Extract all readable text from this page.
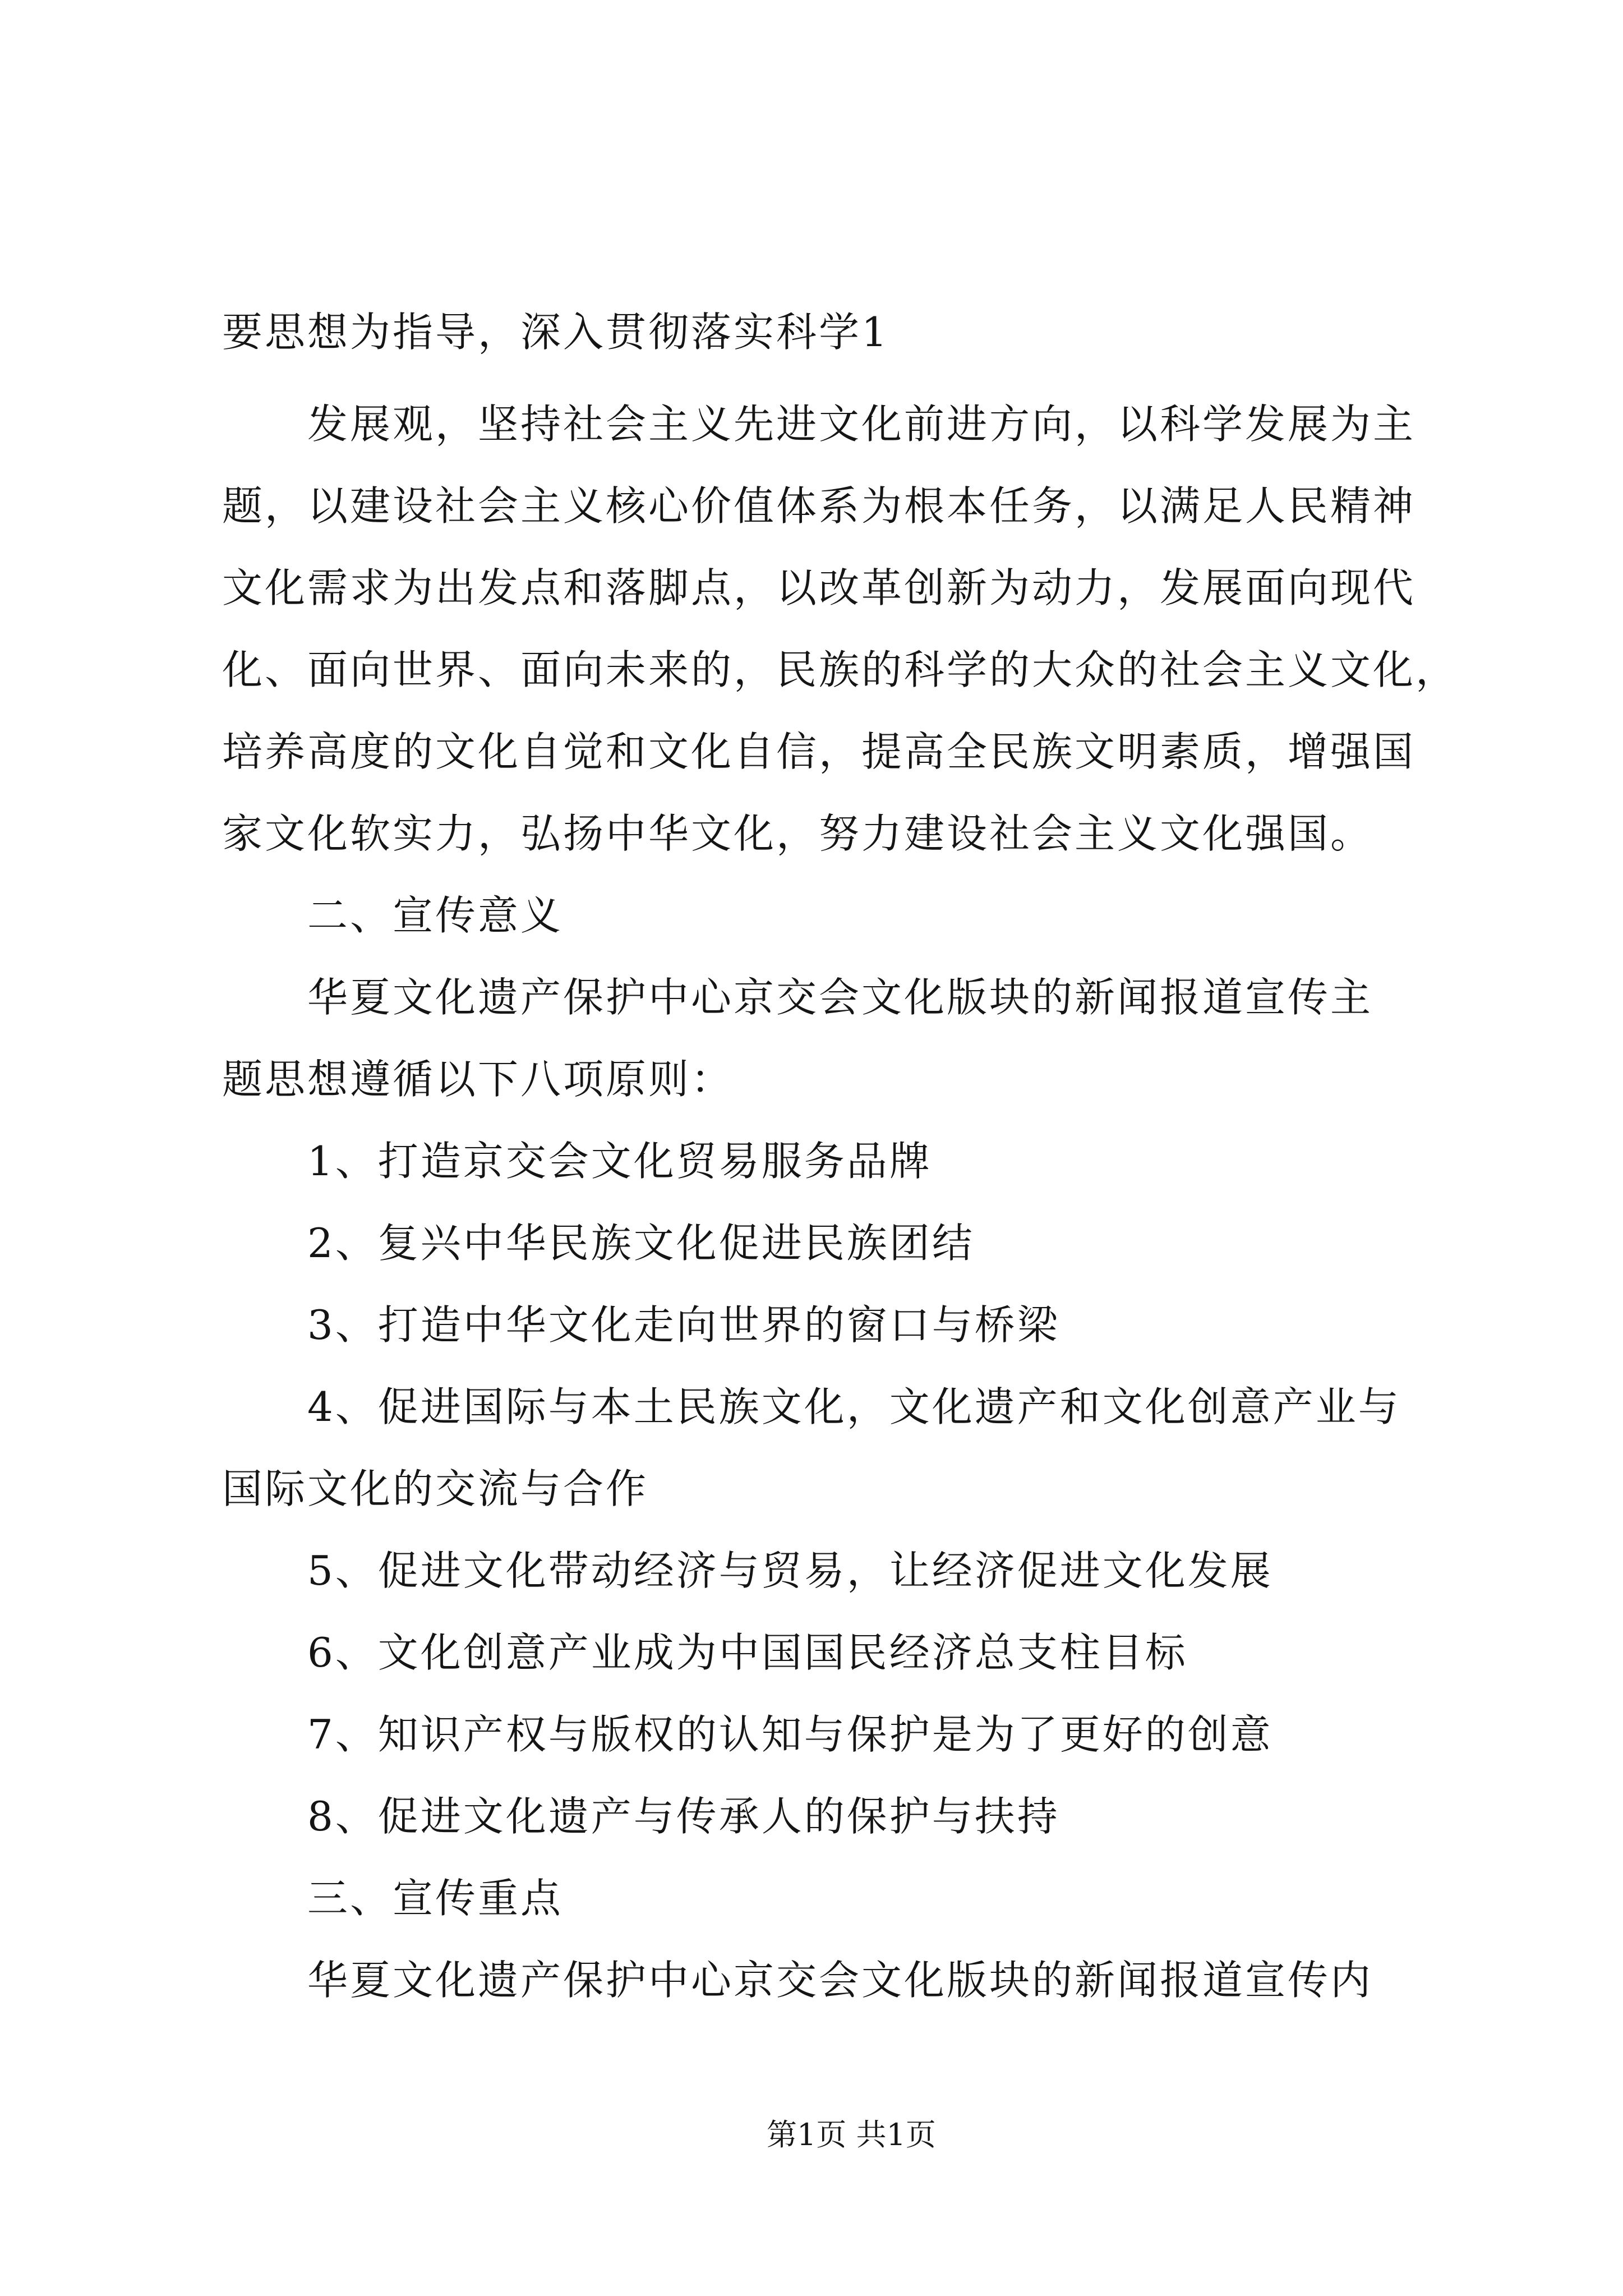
要思想为指导，深入贯彻落实科学1
发展观，坚持社会主义先进文化前进方向，以科学发展为主
题，以建设社会主义核心价值体系为根本任务，以满足人民精神
文化需求为出发点和落脚点，以改革创新为动力，发展面向现代
化、面向世界、面向未来的，民族的科学的大众的社会主义文化，
培养高度的文化自觉和文化自信，提高全民族文明素质，增强国
家文化软实力，弘扬中华文化，努力建设社会主义文化强国。
二、宣传意义
华夏文化遗产保护中心京交会文化版块的新闻报道宣传主
题思想遵循以下八项原则：
1、打造京交会文化贸易服务品牌
2、复兴中华民族文化促进民族团结
3、打造中华文化走向世界的窗口与桥梁
4、促进国际与本土民族文化，文化遗产和文化创意产业与
国际文化的交流与合作
5、促进文化带动经济与贸易，让经济促进文化发展
6、文化创意产业成为中国国民经济总支柱目标
7、知识产权与版权的认知与保护是为了更好的创意
8、促进文化遗产与传承人的保护与扶持
三、宣传重点
华夏文化遗产保护中心京交会文化版块的新闻报道宣传内
第1页 共1页
